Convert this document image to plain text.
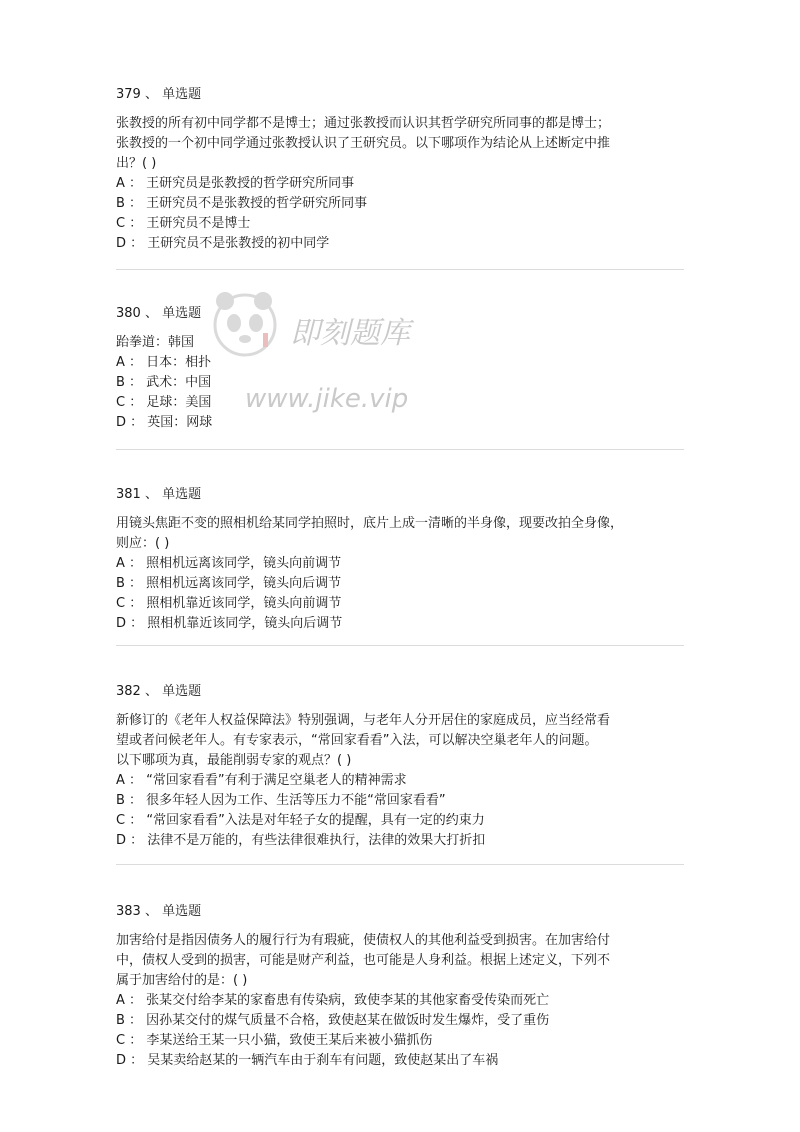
379 、 单选题

张教授的所有初中同学都不是博士；通过张教授而认识其哲学研究所同事的都是博士；
张教授的一个初中同学通过张教授认识了王研究员。以下哪项作为结论从上述断定中推
出？( )

A ： 王研究员是张教授的哲学研究所同事
B ： 王研究员不是张教授的哲学研究所同事
C ： 王研究员不是博士
D ： 王研究员不是张教授的初中同学
380 、 单选题

跆拳道：韩国

A ： 日本：相扑
B ： 武术：中国
C ： 足球：美国
D ： 英国：网球
381 、 单选题

用镜头焦距不变的照相机给某同学拍照时，底片上成一清晰的半身像，现要改拍全身像，
则应：( )

A ： 照相机远离该同学，镜头向前调节
B ： 照相机远离该同学，镜头向后调节
C ： 照相机靠近该同学，镜头向前调节
D ： 照相机靠近该同学，镜头向后调节
382 、 单选题

新修订的《老年人权益保障法》特别强调，与老年人分开居住的家庭成员，应当经常看
望或者问候老年人。有专家表示，“常回家看看”入法，可以解决空巢老年人的问题。
以下哪项为真，最能削弱专家的观点？( )

A ： “常回家看看”有利于满足空巢老人的精神需求
B ： 很多年轻人因为工作、生活等压力不能“常回家看看”
C ： “常回家看看”入法是对年轻子女的提醒，具有一定的约束力
D ： 法律不是万能的，有些法律很难执行，法律的效果大打折扣
383 、 单选题

加害给付是指因债务人的履行行为有瑕疵，使债权人的其他利益受到损害。在加害给付
中，债权人受到的损害，可能是财产利益，也可能是人身利益。根据上述定义，下列不
属于加害给付的是：( )

A ： 张某交付给李某的家畜患有传染病，致使李某的其他家畜受传染而死亡
B ： 因孙某交付的煤气质量不合格，致使赵某在做饭时发生爆炸，受了重伤
C ： 李某送给王某一只小猫，致使王某后来被小猫抓伤
D ： 吴某卖给赵某的一辆汽车由于刹车有问题，致使赵某出了车祸
即刻题库
www.jike.vip
